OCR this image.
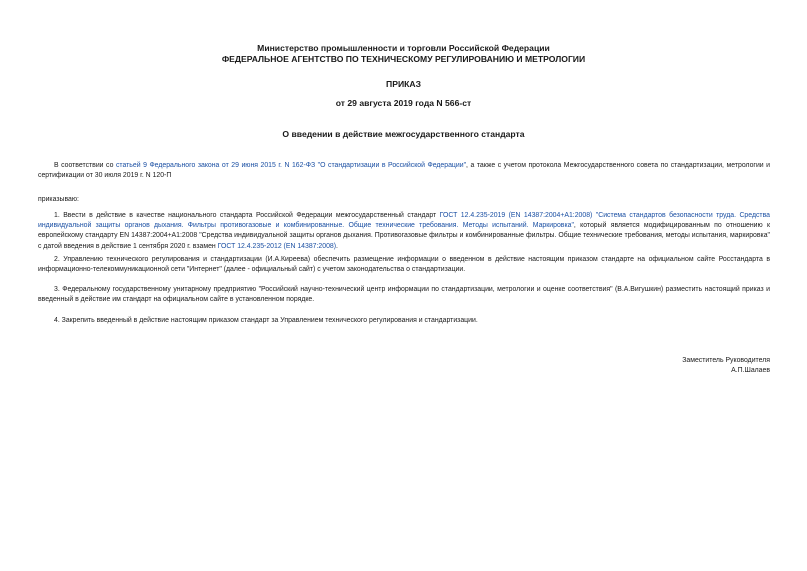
Министерство промышленности и торговли Российской Федерации
ФЕДЕРАЛЬНОЕ АГЕНТСТВО ПО ТЕХНИЧЕСКОМУ РЕГУЛИРОВАНИЮ И МЕТРОЛОГИИ
ПРИКАЗ
от 29 августа 2019 года N 566-ст
О введении в действие межгосударственного стандарта
В соответствии со статьей 9 Федерального закона от 29 июня 2015 г. N 162-ФЗ "О стандартизации в Российской Федерации", а также с учетом протокола Межгосударственного совета по стандартизации, метрологии и сертификации от 30 июля 2019 г. N 120-П
приказываю:
1. Ввести в действие в качестве национального стандарта Российской Федерации межгосударственный стандарт ГОСТ 12.4.235-2019 (EN 14387:2004+A1:2008) "Система стандартов безопасности труда. Средства индивидуальной защиты органов дыхания. Фильтры противогазовые и комбинированные. Общие технические требования. Методы испытаний. Маркировка", который является модифицированным по отношению к европейскому стандарту EN 14387:2004+A1:2008 "Средства индивидуальной защиты органов дыхания. Противогазовые фильтры и комбинированные фильтры. Общие технические требования, методы испытания, маркировка" с датой введения в действие 1 сентября 2020 г. взамен ГОСТ 12.4.235-2012 (EN 14387:2008).
2. Управлению технического регулирования и стандартизации (И.А.Киреева) обеспечить размещение информации о введенном в действие настоящим приказом стандарте на официальном сайте Росстандарта в информационно-телекоммуникационной сети "Интернет" (далее - официальный сайт) с учетом законодательства о стандартизации.
3. Федеральному государственному унитарному предприятию "Российский научно-технический центр информации по стандартизации, метрологии и оценке соответствия" (В.А.Вигушкин) разместить настоящий приказ и введенный в действие им стандарт на официальном сайте в установленном порядке.
4. Закрепить введенный в действие настоящим приказом стандарт за Управлением технического регулирования и стандартизации.
Заместитель Руководителя
А.П.Шалаев
